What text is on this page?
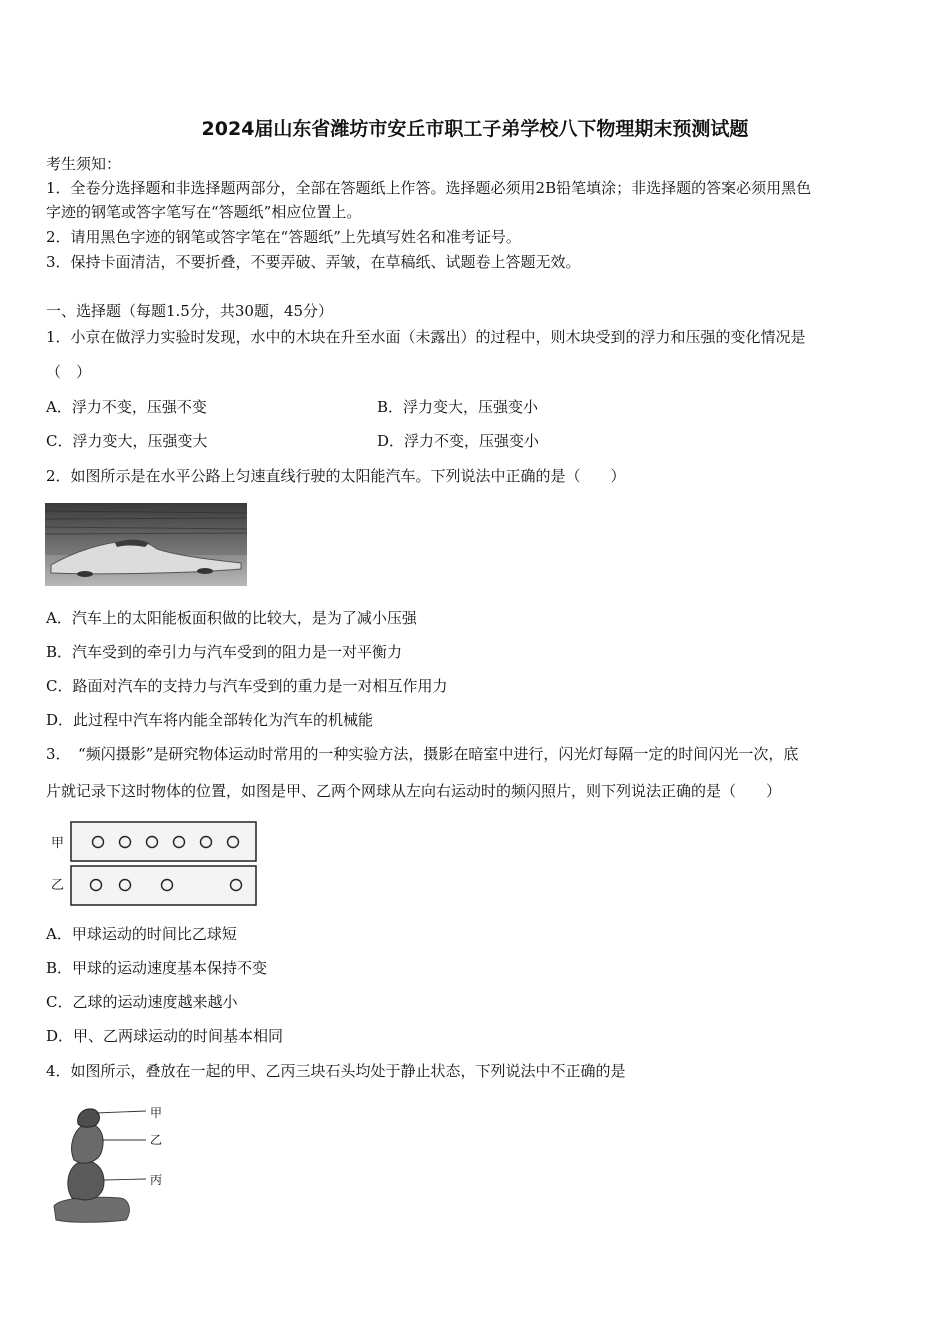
2024届山东省潍坊市安丘市职工子弟学校八下物理期末预测试题
考生须知：
1．全卷分选择题和非选择题两部分，全部在答题纸上作答。选择题必须用2B铅笔填涂；非选择题的答案必须用黑色
字迹的钢笔或答字笔写在“答题纸”相应位置上。
2．请用黑色字迹的钢笔或答字笔在“答题纸”上先填写姓名和准考证号。
3．保持卡面清洁，不要折叠，不要弄破、弄皱，在草稿纸、试题卷上答题无效。
一、选择题（每题1.5分，共30题，45分）
1．小京在做浮力实验时发现，水中的木块在升至水面（未露出）的过程中，则木块受到的浮力和压强的变化情况是
（　）
A．浮力不变，压强不变	B．浮力变大，压强变小
C．浮力变大，压强变大	D．浮力不变，压强变小
2．如图所示是在水平公路上匀速直线行驶的太阳能汽车。下列说法中正确的是（　　）
A．汽车上的太阳能板面积做的比较大，是为了减小压强
B．汽车受到的牵引力与汽车受到的阻力是一对平衡力
C．路面对汽车的支持力与汽车受到的重力是一对相互作用力
D．此过程中汽车将内能全部转化为汽车的机械能
3．　“频闪摄影”是研究物体运动时常用的一种实验方法，摄影在暗室中进行，闪光灯每隔一定的时间闪光一次，底
片就记录下这时物体的位置，如图是甲、乙两个网球从左向右运动时的频闪照片，则下列说法正确的是（　　）
甲
乙
A．甲球运动的时间比乙球短
B．甲球的运动速度基本保持不变
C．乙球的运动速度越来越小
D．甲、乙两球运动的时间基本相同
4．如图所示，叠放在一起的甲、乙丙三块石头均处于静止状态，下列说法中不正确的是
甲
乙
丙
